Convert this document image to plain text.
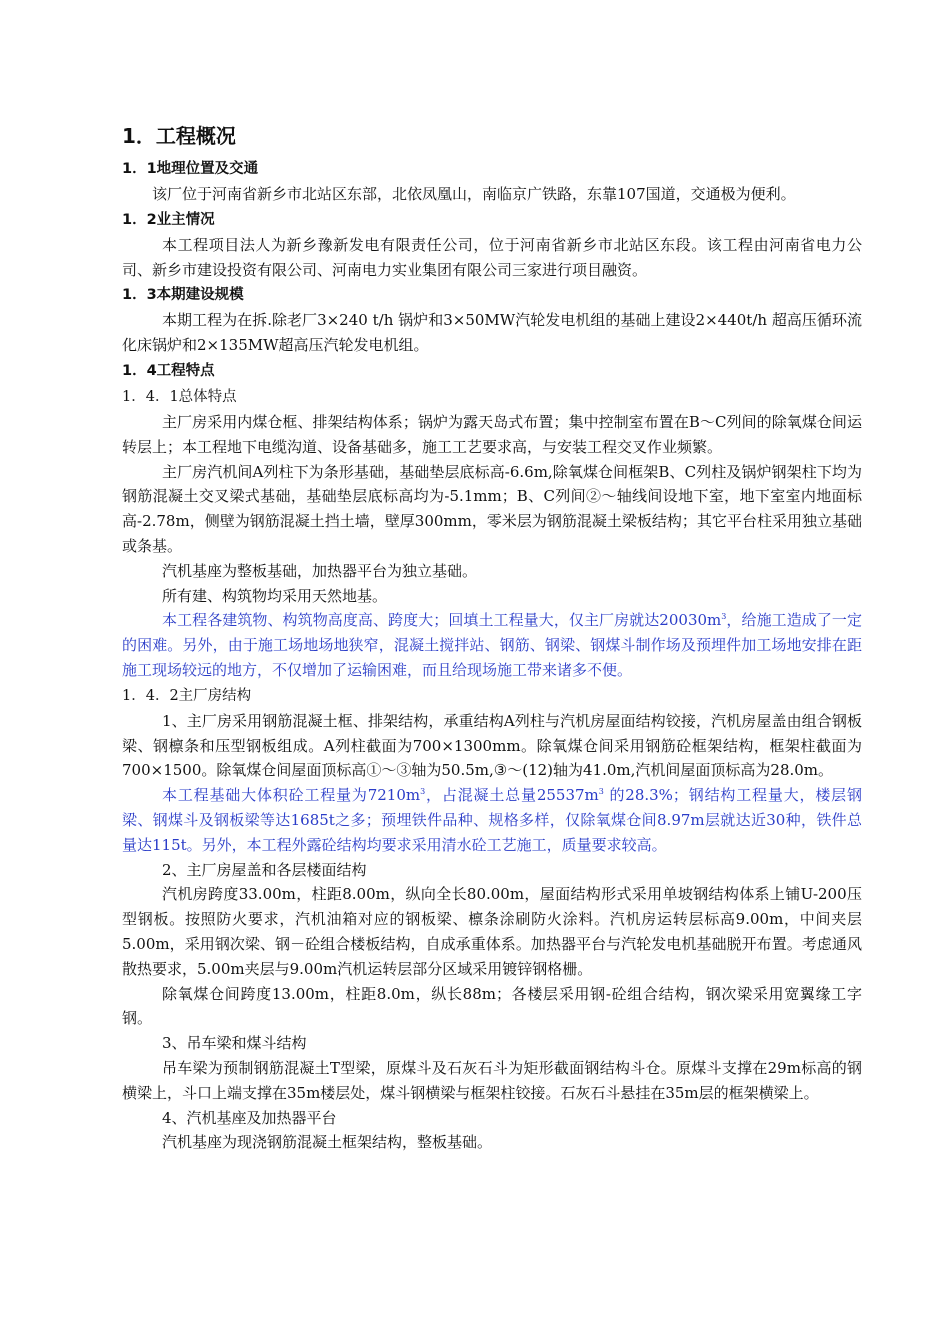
1．工程概况
1．1地理位置及交通

该厂位于河南省新乡市北站区东部，北依凤凰山，南临京广铁路，东靠107国道，交通极为便利。

1．2业主情况

本工程项目法人为新乡豫新发电有限责任公司，位于河南省新乡市北站区东段。该工程由河南省电力公司、新乡市建设投资有限公司、河南电力实业集团有限公司三家进行项目融资。

1．3本期建设规模

本期工程为在拆.除老厂3×240 t/h 锅炉和3×50MW汽轮发电机组的基础上建设2×440t/h 超高压循环流化床锅炉和2×135MW超高压汽轮发电机组。

1．4工程特点
1．4．1总体特点

主厂房采用内煤仓框、排架结构体系；锅炉为露天岛式布置；集中控制室布置在B～C列间的除氧煤仓间运转层上；本工程地下电缆沟道、设备基础多，施工工艺要求高，与安装工程交叉作业频繁。

主厂房汽机间A列柱下为条形基础，基础垫层底标高-6.6m,除氧煤仓间框架B、C列柱及锅炉钢架柱下均为钢筋混凝土交叉梁式基础，基础垫层底标高均为-5.1mm；B、C列间②～轴线间设地下室，地下室室内地面标高-2.78m，侧壁为钢筋混凝土挡土墙，壁厚300mm，零米层为钢筋混凝土梁板结构；其它平台柱采用独立基础或条基。

汽机基座为整板基础，加热器平台为独立基础。

所有建、构筑物均采用天然地基。

本工程各建筑物、构筑物高度高、跨度大；回填土工程量大，仅主厂房就达$20030m^3$，给施工造成了一定的困难。另外，由于施工场地场地狭窄，混凝土搅拌站、钢筋、钢梁、钢煤斗制作场及预埋件加工场地安排在距施工现场较远的地方，不仅增加了运输困难，而且给现场施工带来诸多不便。

1．4．2主厂房结构

1、主厂房采用钢筋混凝土框、排架结构，承重结构A列柱与汽机房屋面结构铰接，汽机房屋盖由组合钢板梁、钢檩条和压型钢板组成。A列柱截面为700×1300mm。除氧煤仓间采用钢筋砼框架结构，框架柱截面为700×1500。除氧煤仓间屋面顶标高①～③轴为50.5m,③～(12)轴为41.0m,汽机间屋面顶标高为28.0m。

本工程基础大体积砼工程量为$7210m^3$，占混凝土总量$25537m^3$ 的28.3%；钢结构工程量大，楼层钢梁、钢煤斗及钢板梁等达1685t之多；预埋铁件品种、规格多样，仅除氧煤仓间8.97m层就达近30种，铁件总量达115t。另外，本工程外露砼结构均要求采用清水砼工艺施工，质量要求较高。

2、主厂房屋盖和各层楼面结构

汽机房跨度33.00m，柱距8.00m，纵向全长80.00m，屋面结构形式采用单坡钢结构体系上铺U-200压型钢板。按照防火要求，汽机油箱对应的钢板梁、檩条涂刷防火涂料。汽机房运转层标高9.00m，中间夹层5.00m，采用钢次梁、钢－砼组合楼板结构，自成承重体系。加热器平台与汽轮发电机基础脱开布置。考虑通风散热要求，5.00m夹层与9.00m汽机运转层部分区域采用镀锌钢格栅。

除氧煤仓间跨度13.00m，柱距8.0m，纵长88m；各楼层采用钢-砼组合结构，钢次梁采用宽翼缘工字钢。

3、吊车梁和煤斗结构

吊车梁为预制钢筋混凝土T型梁，原煤斗及石灰石斗为矩形截面钢结构斗仓。原煤斗支撑在29m标高的钢横梁上，斗口上端支撑在35m楼层处，煤斗钢横梁与框架柱铰接。石灰石斗悬挂在35m层的框架横梁上。

4、汽机基座及加热器平台

汽机基座为现浇钢筋混凝土框架结构，整板基础。
